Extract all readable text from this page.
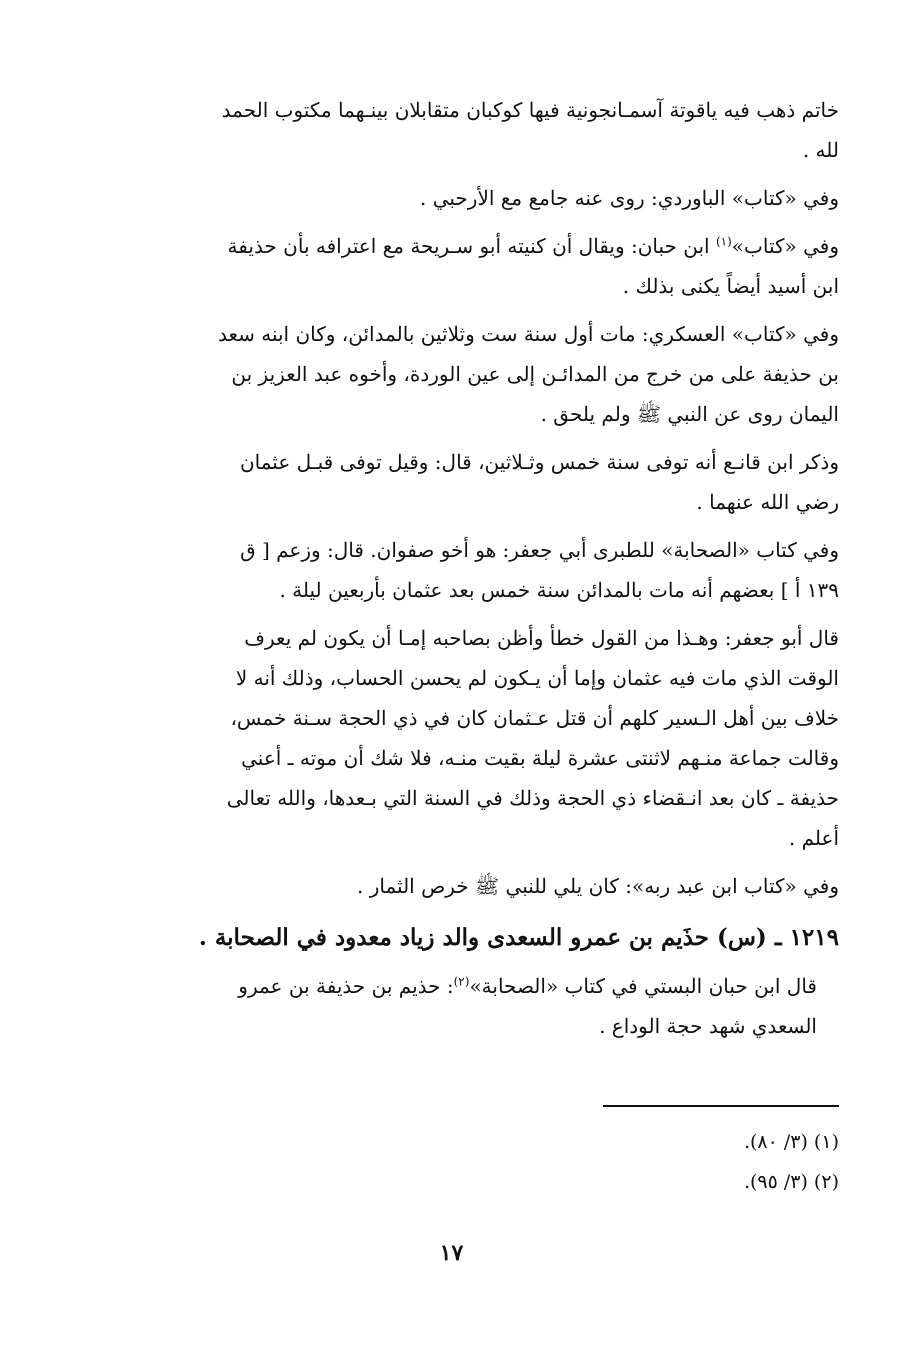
خاتم ذهب فيه ياقوتة آسمـانجونية فيها كوكبان متقابلان بينـهما مكتوب الحمد
لله .

وفي «كتاب» الباوردي: روى عنه جامع مع الأرحبي .

وفي «كتاب»$^{(١)}$ ابن حبان: ويقال أن كنيته أبو سـريحة مع اعترافه بأن حذيفة
ابن أسيد أيضاً يكنى بذلك .

وفي «كتاب» العسكري: مات أول سنة ست وثلاثين بالمدائن، وكان ابنه سعد
بن حذيفة على من خرج من المدائـن إلى عين الوردة، وأخوه عبد العزيز بن
اليمان روى عن النبي ﷺ ولم يلحق .

وذكر ابن قانـع أنه توفى سنة خمس وثـلاثين، قال: وقيل توفى قبـل عثمان
رضي الله عنهما .

وفي كتاب «الصحابة» للطبرى أبي جعفر: هو أخو صفوان. قال: وزعم [ ق
١٣٩ أ ] بعضهم أنه مات بالمدائن سنة خمس بعد عثمان بأربعين ليلة .

قال أبو جعفر: وهـذا من القول خطأ وأظن بصاحبه إمـا أن يكون لم يعرف
الوقت الذي مات فيه عثمان وإما أن يـكون لم يحسن الحساب، وذلك أنه لا
خلاف بين أهل الـسير كلهم أن قتل عـثمان كان في ذي الحجة سـنة خمس،
وقالت جماعة منـهم لاثنتى عشرة ليلة بقيت منـه، فلا شك أن موته ـ أعني
حذيفة ـ كان بعد انـقضاء ذي الحجة وذلك في السنة التي بـعدها، والله تعالى
أعلم .

وفي «كتاب ابن عبد ربه»: كان يلي للنبي ﷺ خرص الثمار .

١٢١٩ ـ (س) حذَيم بن عمرو السعدى والد زياد معدود في الصحابة .

قال ابن حبان البستي في كتاب «الصحابة»$^{(٢)}$: حذيم بن حذيفة بن عمرو
السعدي شهد حجة الوداع .

(١) (٣/ ٨٠).
(٢) (٣/ ٩٥).
١٧
